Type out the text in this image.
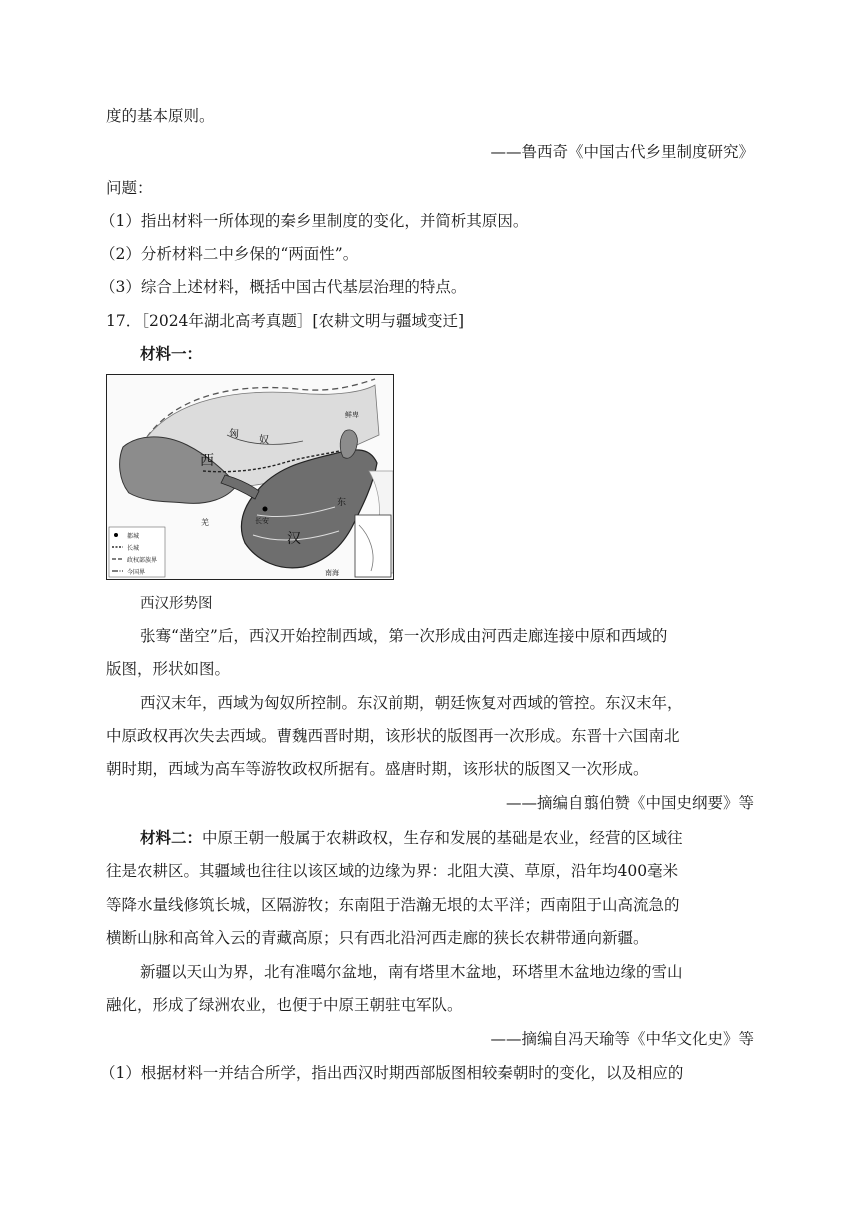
度的基本原则。
——鲁西奇《中国古代乡里制度研究》
问题：
（1）指出材料一所体现的秦乡里制度的变化，并简析其原因。
（2）分析材料二中乡保的“两面性”。
（3）综合上述材料，概括中国古代基层治理的特点。
17．［2024年湖北高考真题］[农耕文明与疆域变迁]
材料一：
匈
奴
西
汉
长安
东
南海
羌
鲜卑
都城
长城
政权部族界
今国界
西汉形势图
张骞“凿空”后，西汉开始控制西域，第一次形成由河西走廊连接中原和西域的
版图，形状如图。
西汉末年，西域为匈奴所控制。东汉前期，朝廷恢复对西域的管控。东汉末年，
中原政权再次失去西域。曹魏西晋时期，该形状的版图再一次形成。东晋十六国南北
朝时期，西域为高车等游牧政权所据有。盛唐时期，该形状的版图又一次形成。
——摘编自翦伯赞《中国史纲要》等
材料二：中原王朝一般属于农耕政权，生存和发展的基础是农业，经营的区域往
往是农耕区。其疆域也往往以该区域的边缘为界：北阻大漠、草原，沿年均400毫米
等降水量线修筑长城，区隔游牧；东南阻于浩瀚无垠的太平洋；西南阻于山高流急的
横断山脉和高耸入云的青藏高原；只有西北沿河西走廊的狭长农耕带通向新疆。
新疆以天山为界，北有准噶尔盆地，南有塔里木盆地，环塔里木盆地边缘的雪山
融化，形成了绿洲农业，也便于中原王朝驻屯军队。
——摘编自冯天瑜等《中华文化史》等
（1）根据材料一并结合所学，指出西汉时期西部版图相较秦朝时的变化，以及相应的
